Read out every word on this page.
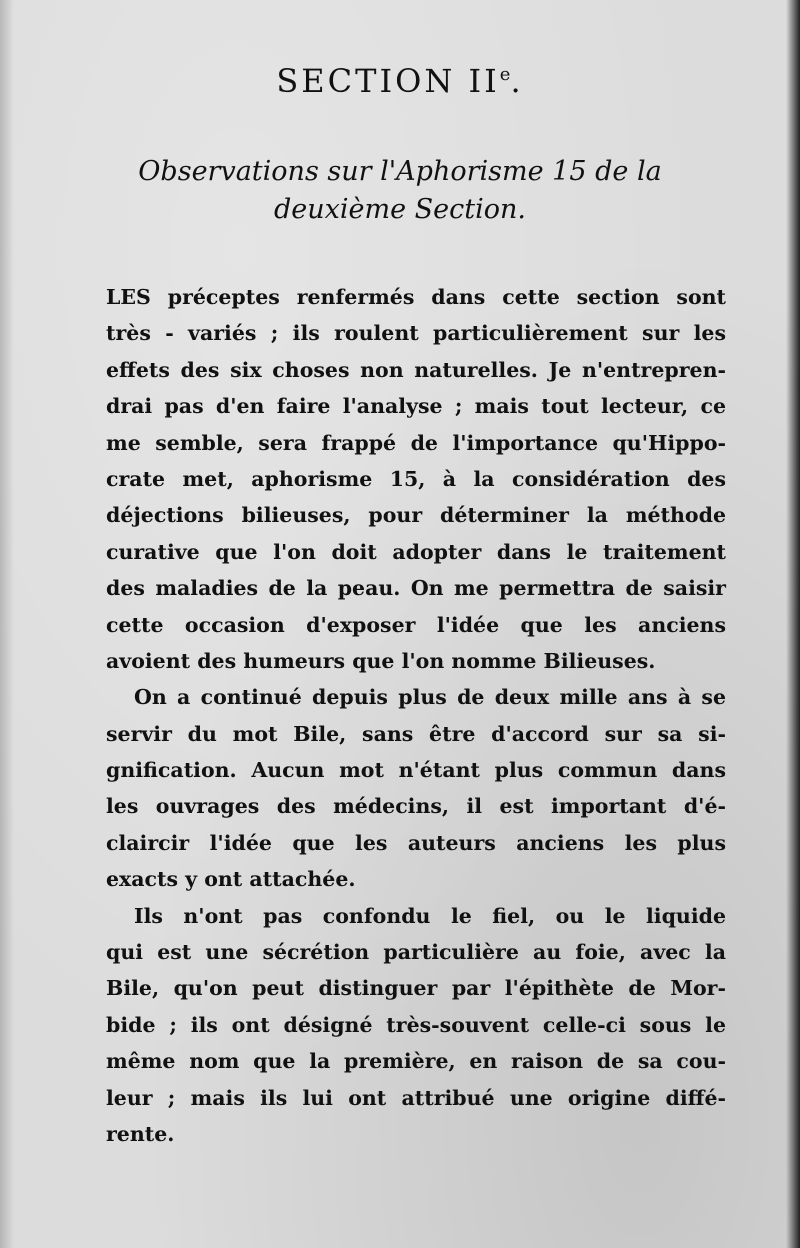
SECTION IIe.
Observations sur l'Aphorisme 15 de la
deuxième Section.
LES préceptes renfermés dans cette section sont
très - variés ; ils roulent particulièrement sur les
effets des six choses non naturelles. Je n'entrepren-
drai pas d'en faire l'analyse ; mais tout lecteur, ce
me semble, sera frappé de l'importance qu'Hippo-
crate met, aphorisme 15, à la considération des
déjections bilieuses, pour déterminer la méthode
curative que l'on doit adopter dans le traitement
des maladies de la peau. On me permettra de saisir
cette occasion d'exposer l'idée que les anciens
avoient des humeurs que l'on nomme Bilieuses.
On a continué depuis plus de deux mille ans à se
servir du mot Bile, sans être d'accord sur sa si-
gnification. Aucun mot n'étant plus commun dans
les ouvrages des médecins, il est important d'é-
claircir l'idée que les auteurs anciens les plus
exacts y ont attachée.
Ils n'ont pas confondu le fiel, ou le liquide
qui est une sécrétion particulière au foie, avec la
Bile, qu'on peut distinguer par l'épithète de Mor-
bide ; ils ont désigné très-souvent celle-ci sous le
même nom que la première, en raison de sa cou-
leur ; mais ils lui ont attribué une origine diffé-
rente.
